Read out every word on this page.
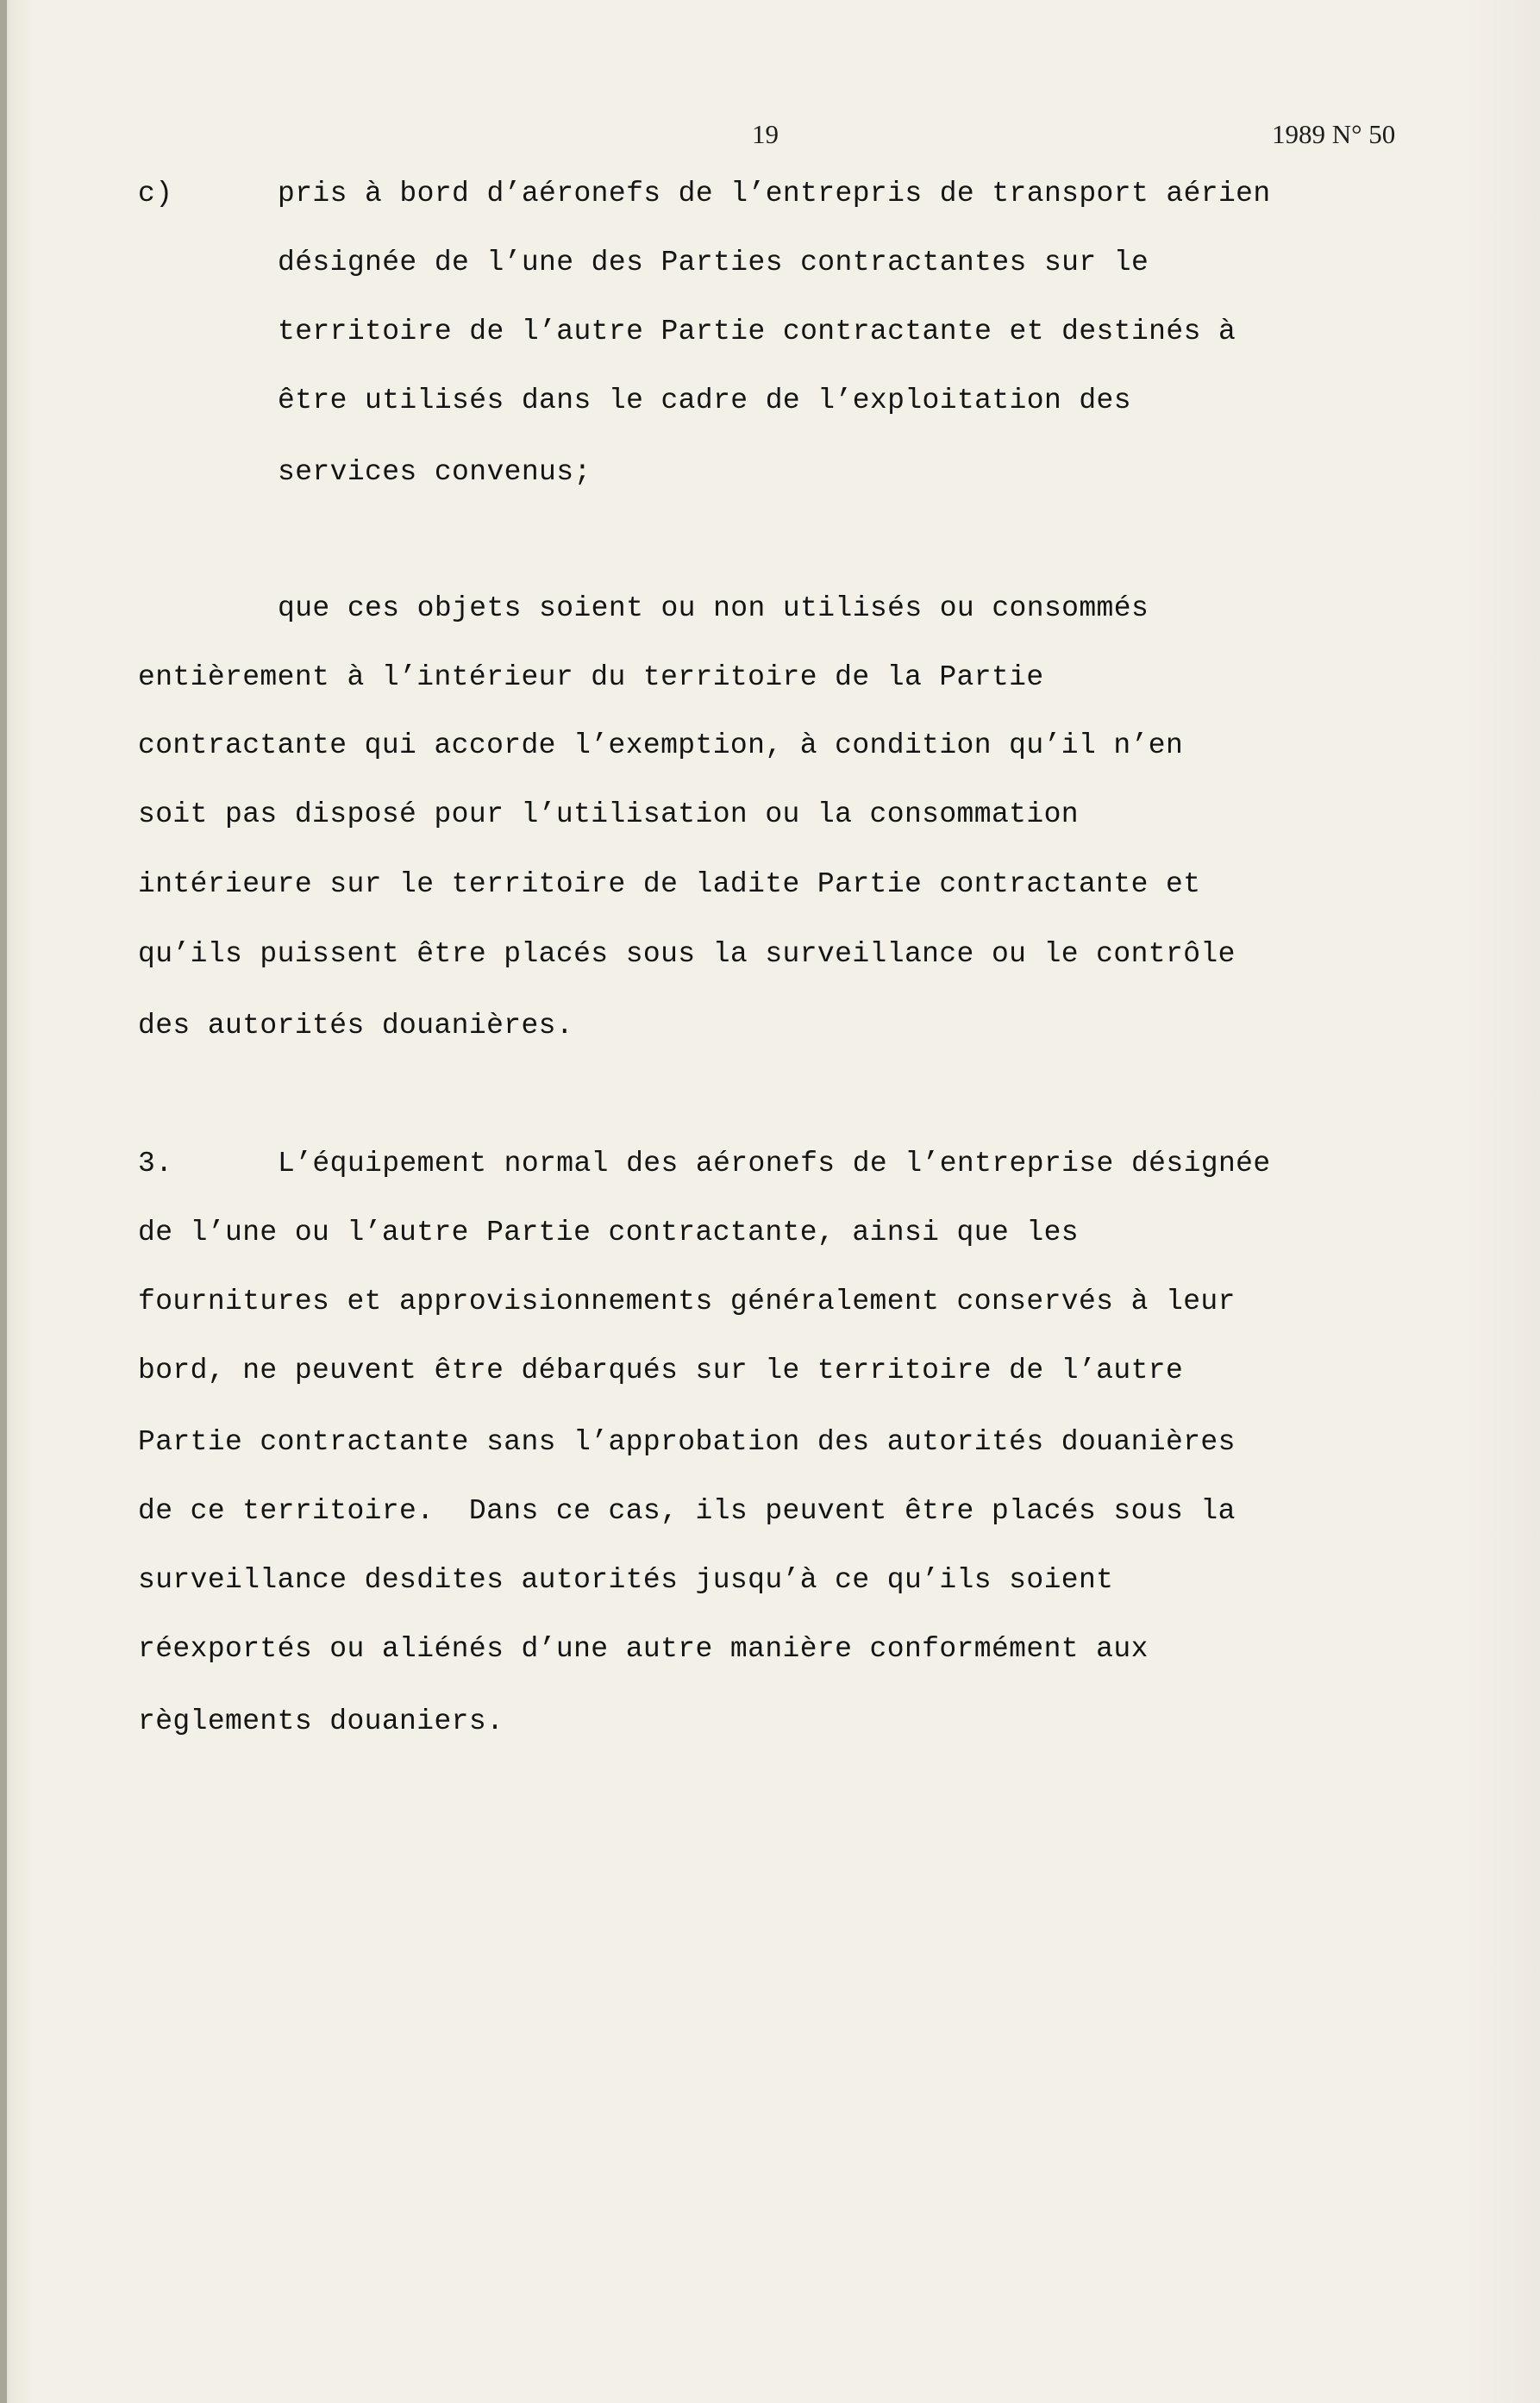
19	1989 N° 50
c)	pris à bord d’aéronefs de l’entrepris de transport aérien
désignée de l’une des Parties contractantes sur le
territoire de l’autre Partie contractante et destinés à
être utilisés dans le cadre de l’exploitation des
services convenus;
que ces objets soient ou non utilisés ou consommés
entièrement à l’intérieur du territoire de la Partie
contractante qui accorde l’exemption, à condition qu’il n’en
soit pas disposé pour l’utilisation ou la consommation
intérieure sur le territoire de ladite Partie contractante et
qu’ils puissent être placés sous la surveillance ou le contrôle
des autorités douanières.
3.	L’équipement normal des aéronefs de l’entreprise désignée
de l’une ou l’autre Partie contractante, ainsi que les
fournitures et approvisionnements généralement conservés à leur
bord, ne peuvent être débarqués sur le territoire de l’autre
Partie contractante sans l’approbation des autorités douanières
de ce territoire.  Dans ce cas, ils peuvent être placés sous la
surveillance desdites autorités jusqu’à ce qu’ils soient
réexportés ou aliénés d’une autre manière conformément aux
règlements douaniers.
